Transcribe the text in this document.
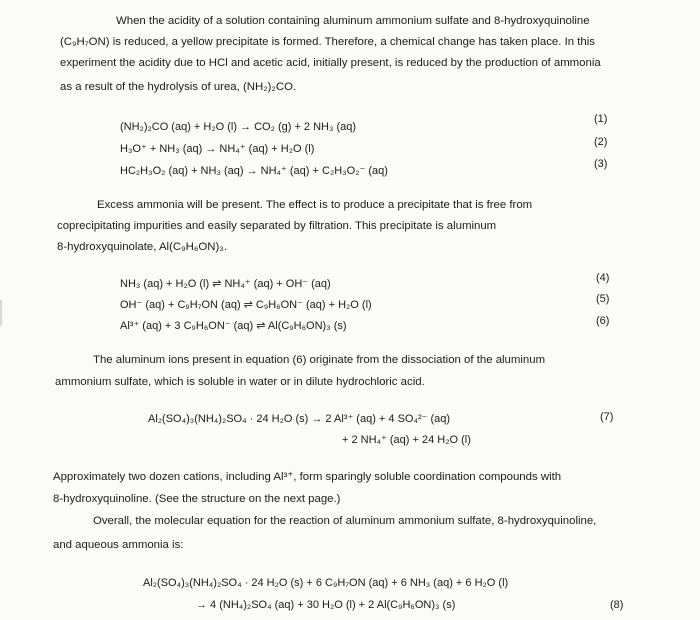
When the acidity of a solution containing aluminum ammonium sulfate and 8-hydroxyquinoline
(C₉H₇ON) is reduced, a yellow precipitate is formed. Therefore, a chemical change has taken place. In this
experiment the acidity due to HCl and acetic acid, initially present, is reduced by the production of ammonia
as a result of the hydrolysis of urea, (NH₂)₂CO.
(NH₂)₂CO (aq) + H₂O (l) → CO₂ (g) + 2 NH₃ (aq)
(1)
H₃O⁺ + NH₃ (aq) → NH₄⁺ (aq) + H₂O (l)
(2)
HC₂H₃O₂ (aq) + NH₃ (aq) → NH₄⁺ (aq) + C₂H₃O₂⁻ (aq)
(3)
Excess ammonia will be present. The effect is to produce a precipitate that is free from
coprecipitating impurities and easily separated by filtration. This precipitate is aluminum
8-hydroxyquinolate, Al(C₉H₆ON)₃.
NH₃ (aq) + H₂O (l) ⇌ NH₄⁺ (aq) + OH⁻ (aq)	(4)
OH⁻ (aq) + C₉H₇ON (aq) ⇌ C₉H₆ON⁻ (aq) + H₂O (l)	(5)
Al³⁺ (aq) + 3 C₉H₆ON⁻ (aq) ⇌ Al(C₉H₆ON)₃ (s)	(6)
The aluminum ions present in equation (6) originate from the dissociation of the aluminum
ammonium sulfate, which is soluble in water or in dilute hydrochloric acid.
Al₂(SO₄)₃(NH₄)₂SO₄ · 24 H₂O (s) → 2 Al³⁺ (aq) + 4 SO₄²⁻ (aq)
+ 2 NH₄⁺ (aq) + 24 H₂O (l)
(7)
Approximately two dozen cations, including Al³⁺, form sparingly soluble coordination compounds with
8-hydroxyquinoline. (See the structure on the next page.)
Overall, the molecular equation for the reaction of aluminum ammonium sulfate, 8-hydroxyquinoline,
and aqueous ammonia is:
Al₂(SO₄)₃(NH₄)₂SO₄ · 24 H₂O (s) + 6 C₉H₇ON (aq) + 6 NH₃ (aq) + 6 H₂O (l)
→ 4 (NH₄)₂SO₄ (aq) + 30 H₂O (l) + 2 Al(C₉H₆ON)₃ (s)	(8)
